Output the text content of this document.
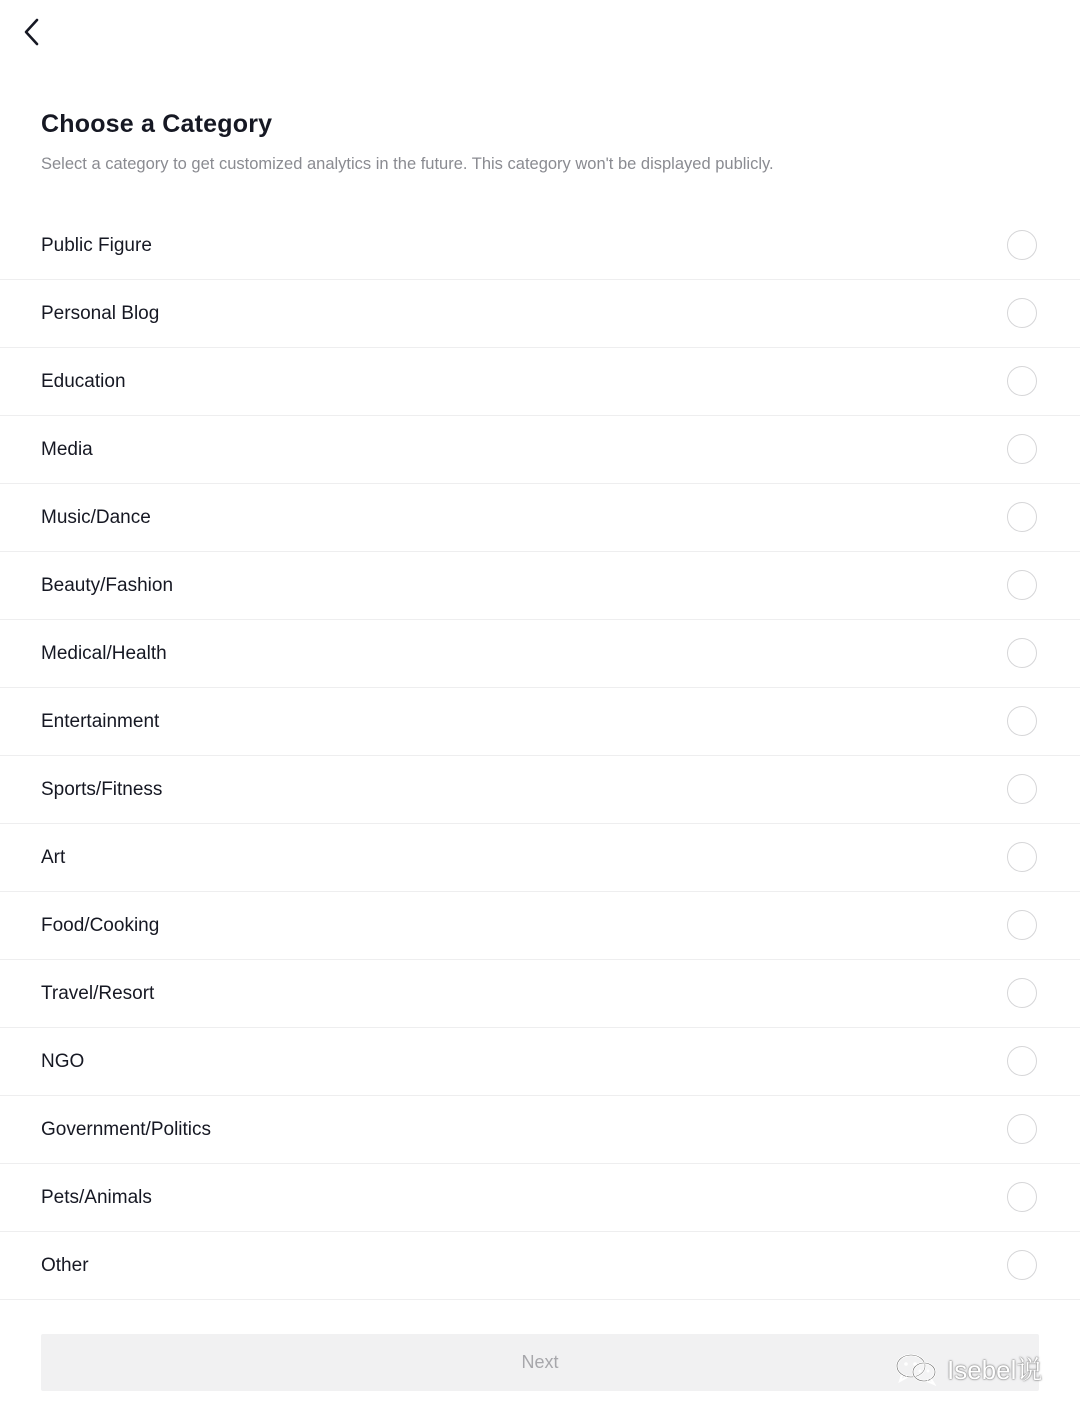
Choose a Category

Select a category to get customized analytics in the future. This category won't be displayed publicly.

Public Figure
Personal Blog
Education
Media
Music/Dance
Beauty/Fashion
Medical/Health
Entertainment
Sports/Fitness
Art
Food/Cooking
Travel/Resort
NGO
Government/Politics
Pets/Animals
Other
Next	Isebel说
